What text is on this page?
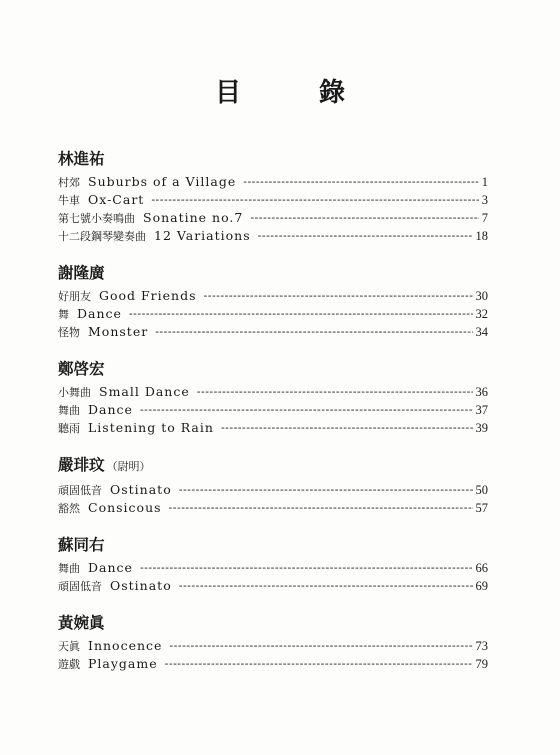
目　錄
林進祐
村郊 Suburbs of a Village -----	1
牛車 Ox-Cart -----	3
第七號小奏鳴曲 Sonatine no.7 -----	7
十二段鋼琴變奏曲 12 Variations -----	18
謝隆廣
好朋友 Good Friends -----	30
舞 Dance -----	32
怪物 Monster -----	34
鄭啓宏
小舞曲 Small Dance -----	36
舞曲 Dance -----	37
聽雨 Listening to Rain -----	39
嚴琲玟 （尉明）
頑固低音 Ostinato -----	50
豁然 Consicous -----	57
蘇同右
舞曲 Dance -----	66
頑固低音 Ostinato -----	69
黃婉眞
天眞 Innocence -----	73
遊戲 Playgame -----	79
